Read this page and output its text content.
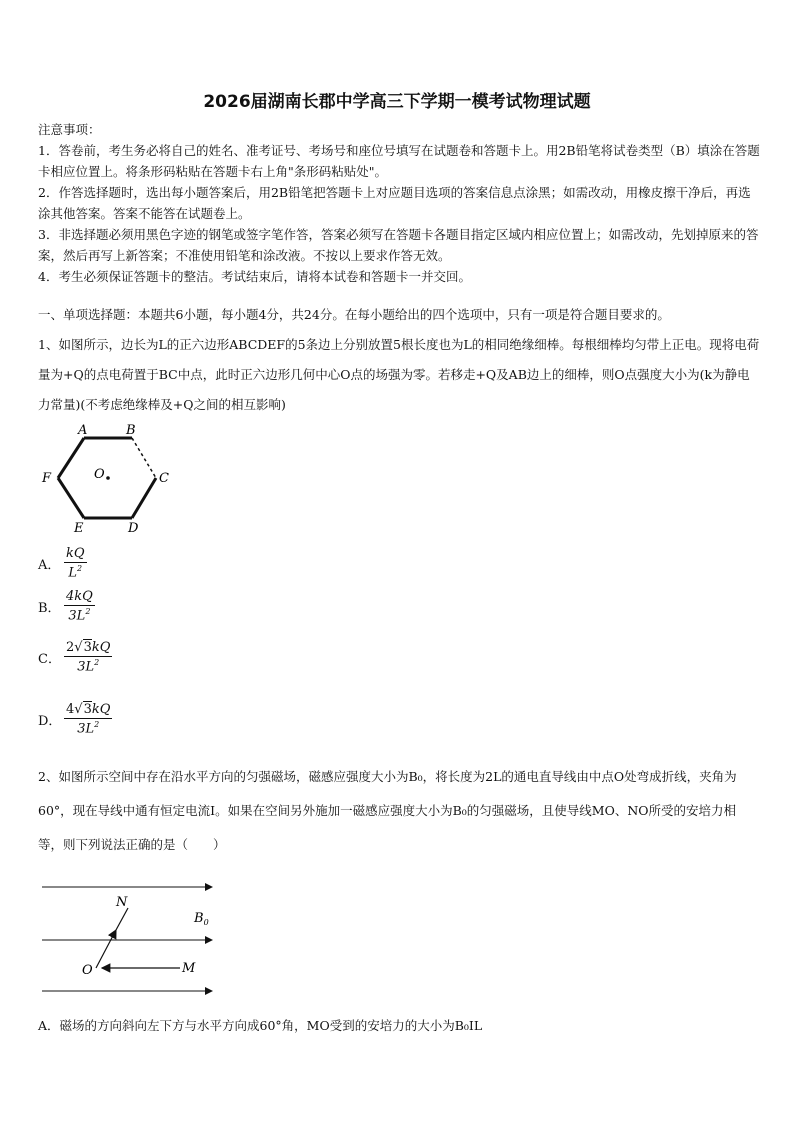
2026届湖南长郡中学高三下学期一模考试物理试题

注意事项：

1．答卷前，考生务必将自己的姓名、准考证号、考场号和座位号填写在试题卷和答题卡上。用2B铅笔将试卷类型（B）填涂在答题卡相应位置上。将条形码粘贴在答题卡右上角"条形码粘贴处"。

2．作答选择题时，选出每小题答案后，用2B铅笔把答题卡上对应题目选项的答案信息点涂黑；如需改动，用橡皮擦干净后，再选涂其他答案。答案不能答在试题卷上。

3．非选择题必须用黑色字迹的钢笔或签字笔作答，答案必须写在答题卡各题目指定区域内相应位置上；如需改动，先划掉原来的答案，然后再写上新答案；不准使用铅笔和涂改液。不按以上要求作答无效。

4．考生必须保证答题卡的整洁。考试结束后，请将本试卷和答题卡一并交回。

一、单项选择题：本题共6小题，每小题4分，共24分。在每小题给出的四个选项中，只有一项是符合题目要求的。
1、如图所示，边长为L的正六边形ABCDEF的5条边上分别放置5根长度也为L的相同绝缘细棒。每根细棒均匀带上正电。现将电荷量为+Q的点电荷置于BC中点，此时正六边形几何中心O点的场强为零。若移走+Q及AB边上的细棒，则O点强度大小为(k为静电力常量)(不考虑绝缘棒及+Q之间的相互影响)
A	B
C
D
E
F	O
A． $\frac{kQ}{L^2}$
B． $\frac{4kQ}{3L^2}$
C． $\frac{2√3kQ}{3L^2}$
D． $\frac{4√3kQ}{3L^2}$
2、如图所示空间中存在沿水平方向的匀强磁场，磁感应强度大小为B₀，将长度为2L的通电直导线由中点O处弯成折线，夹角为60°，现在导线中通有恒定电流I。如果在空间另外施加一磁感应强度大小为B₀的匀强磁场，且使导线MO、NO所受的安培力相等，则下列说法正确的是（　　）
N
$B_0$
O	M
A．磁场的方向斜向左下方与水平方向成60°角，MO受到的安培力的大小为B₀IL
